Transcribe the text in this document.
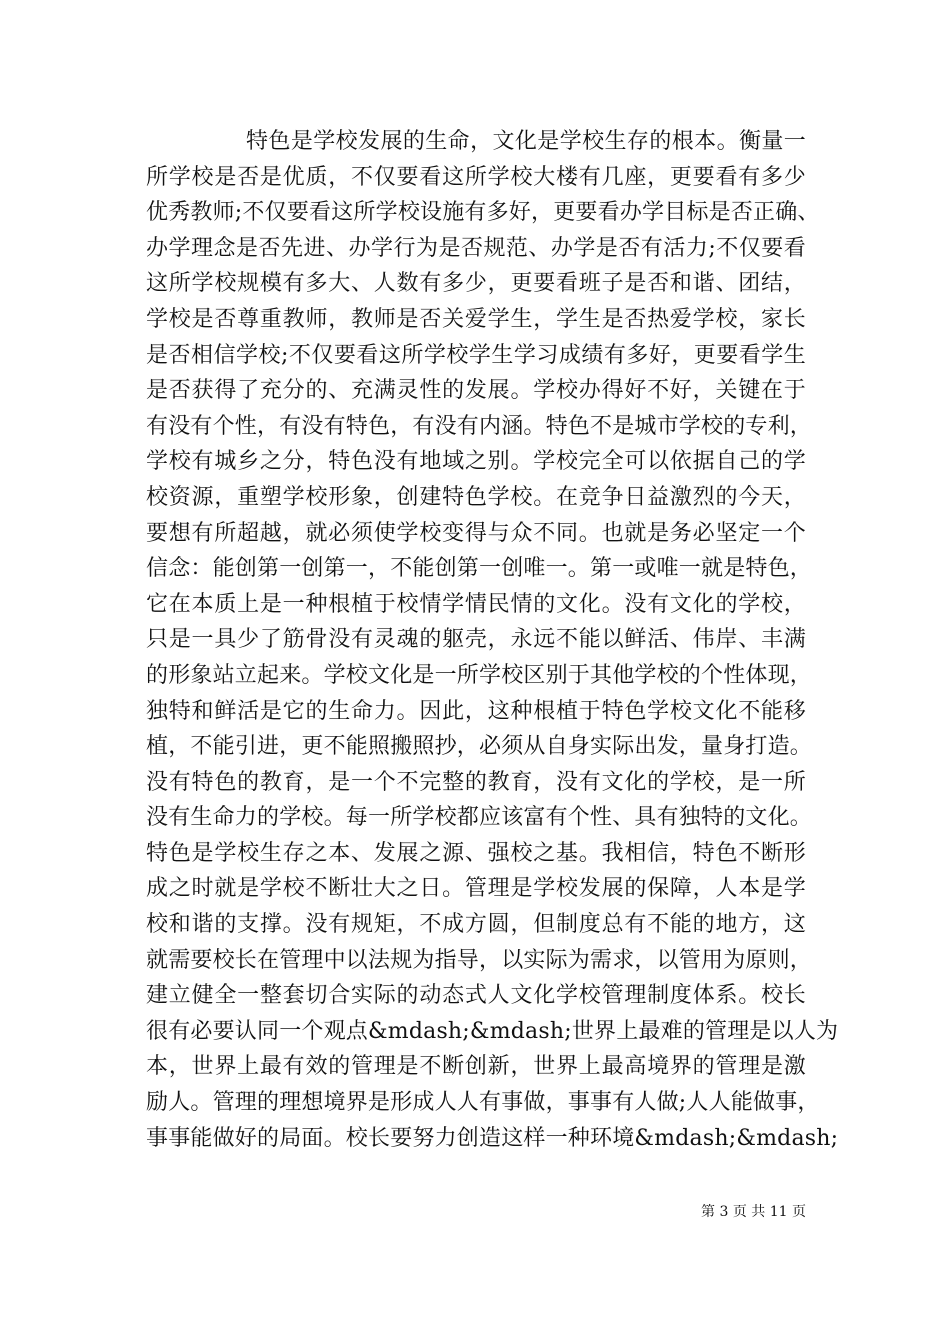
特色是学校发展的生命，文化是学校生存的根本。衡量一
所学校是否是优质，不仅要看这所学校大楼有几座，更要看有多少
优秀教师;不仅要看这所学校设施有多好，更要看办学目标是否正确、
办学理念是否先进、办学行为是否规范、办学是否有活力;不仅要看
这所学校规模有多大、人数有多少，更要看班子是否和谐、团结，
学校是否尊重教师，教师是否关爱学生，学生是否热爱学校，家长
是否相信学校;不仅要看这所学校学生学习成绩有多好，更要看学生
是否获得了充分的、充满灵性的发展。学校办得好不好，关键在于
有没有个性，有没有特色，有没有内涵。特色不是城市学校的专利，
学校有城乡之分，特色没有地域之别。学校完全可以依据自己的学
校资源，重塑学校形象，创建特色学校。在竞争日益激烈的今天，
要想有所超越，就必须使学校变得与众不同。也就是务必坚定一个
信念：能创第一创第一，不能创第一创唯一。第一或唯一就是特色，
它在本质上是一种根植于校情学情民情的文化。没有文化的学校，
只是一具少了筋骨没有灵魂的躯壳，永远不能以鲜活、伟岸、丰满
的形象站立起来。学校文化是一所学校区别于其他学校的个性体现，
独特和鲜活是它的生命力。因此，这种根植于特色学校文化不能移
植，不能引进，更不能照搬照抄，必须从自身实际出发，量身打造。
没有特色的教育，是一个不完整的教育，没有文化的学校，是一所
没有生命力的学校。每一所学校都应该富有个性、具有独特的文化。
特色是学校生存之本、发展之源、强校之基。我相信，特色不断形
成之时就是学校不断壮大之日。管理是学校发展的保障，人本是学
校和谐的支撑。没有规矩，不成方圆，但制度总有不能的地方，这
就需要校长在管理中以法规为指导，以实际为需求，以管用为原则，
建立健全一整套切合实际的动态式人文化学校管理制度体系。校长
很有必要认同一个观点&mdash;&mdash;世界上最难的管理是以人为
本，世界上最有效的管理是不断创新，世界上最高境界的管理是激
励人。管理的理想境界是形成人人有事做，事事有人做;人人能做事，
事事能做好的局面。校长要努力创造这样一种环境&mdash;&mdash;
第 3 页 共 11 页
